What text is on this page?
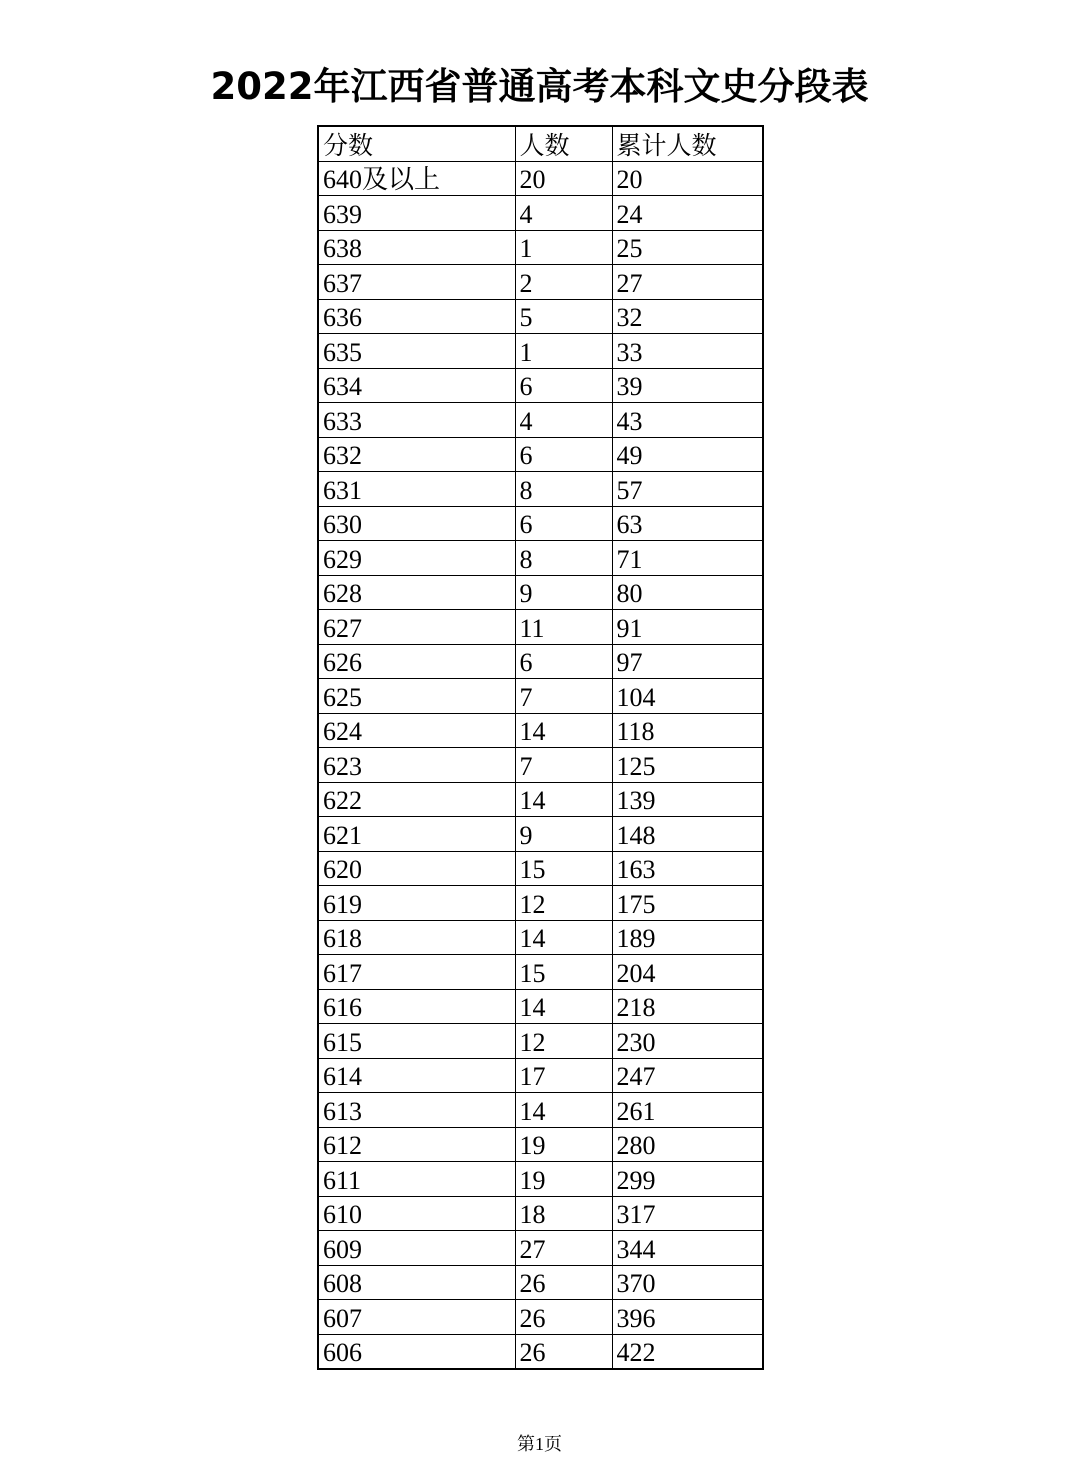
2022年江西省普通高考本科文史分段表
分数	人数	累计人数
640及以上	20	20
639	4	24
638	1	25
637	2	27
636	5	32
635	1	33
634	6	39
633	4	43
632	6	49
631	8	57
630	6	63
629	8	71
628	9	80
627	11	91
626	6	97
625	7	104
624	14	118
623	7	125
622	14	139
621	9	148
620	15	163
619	12	175
618	14	189
617	15	204
616	14	218
615	12	230
614	17	247
613	14	261
612	19	280
611	19	299
610	18	317
609	27	344
608	26	370
607	26	396
606	26	422
第1页
